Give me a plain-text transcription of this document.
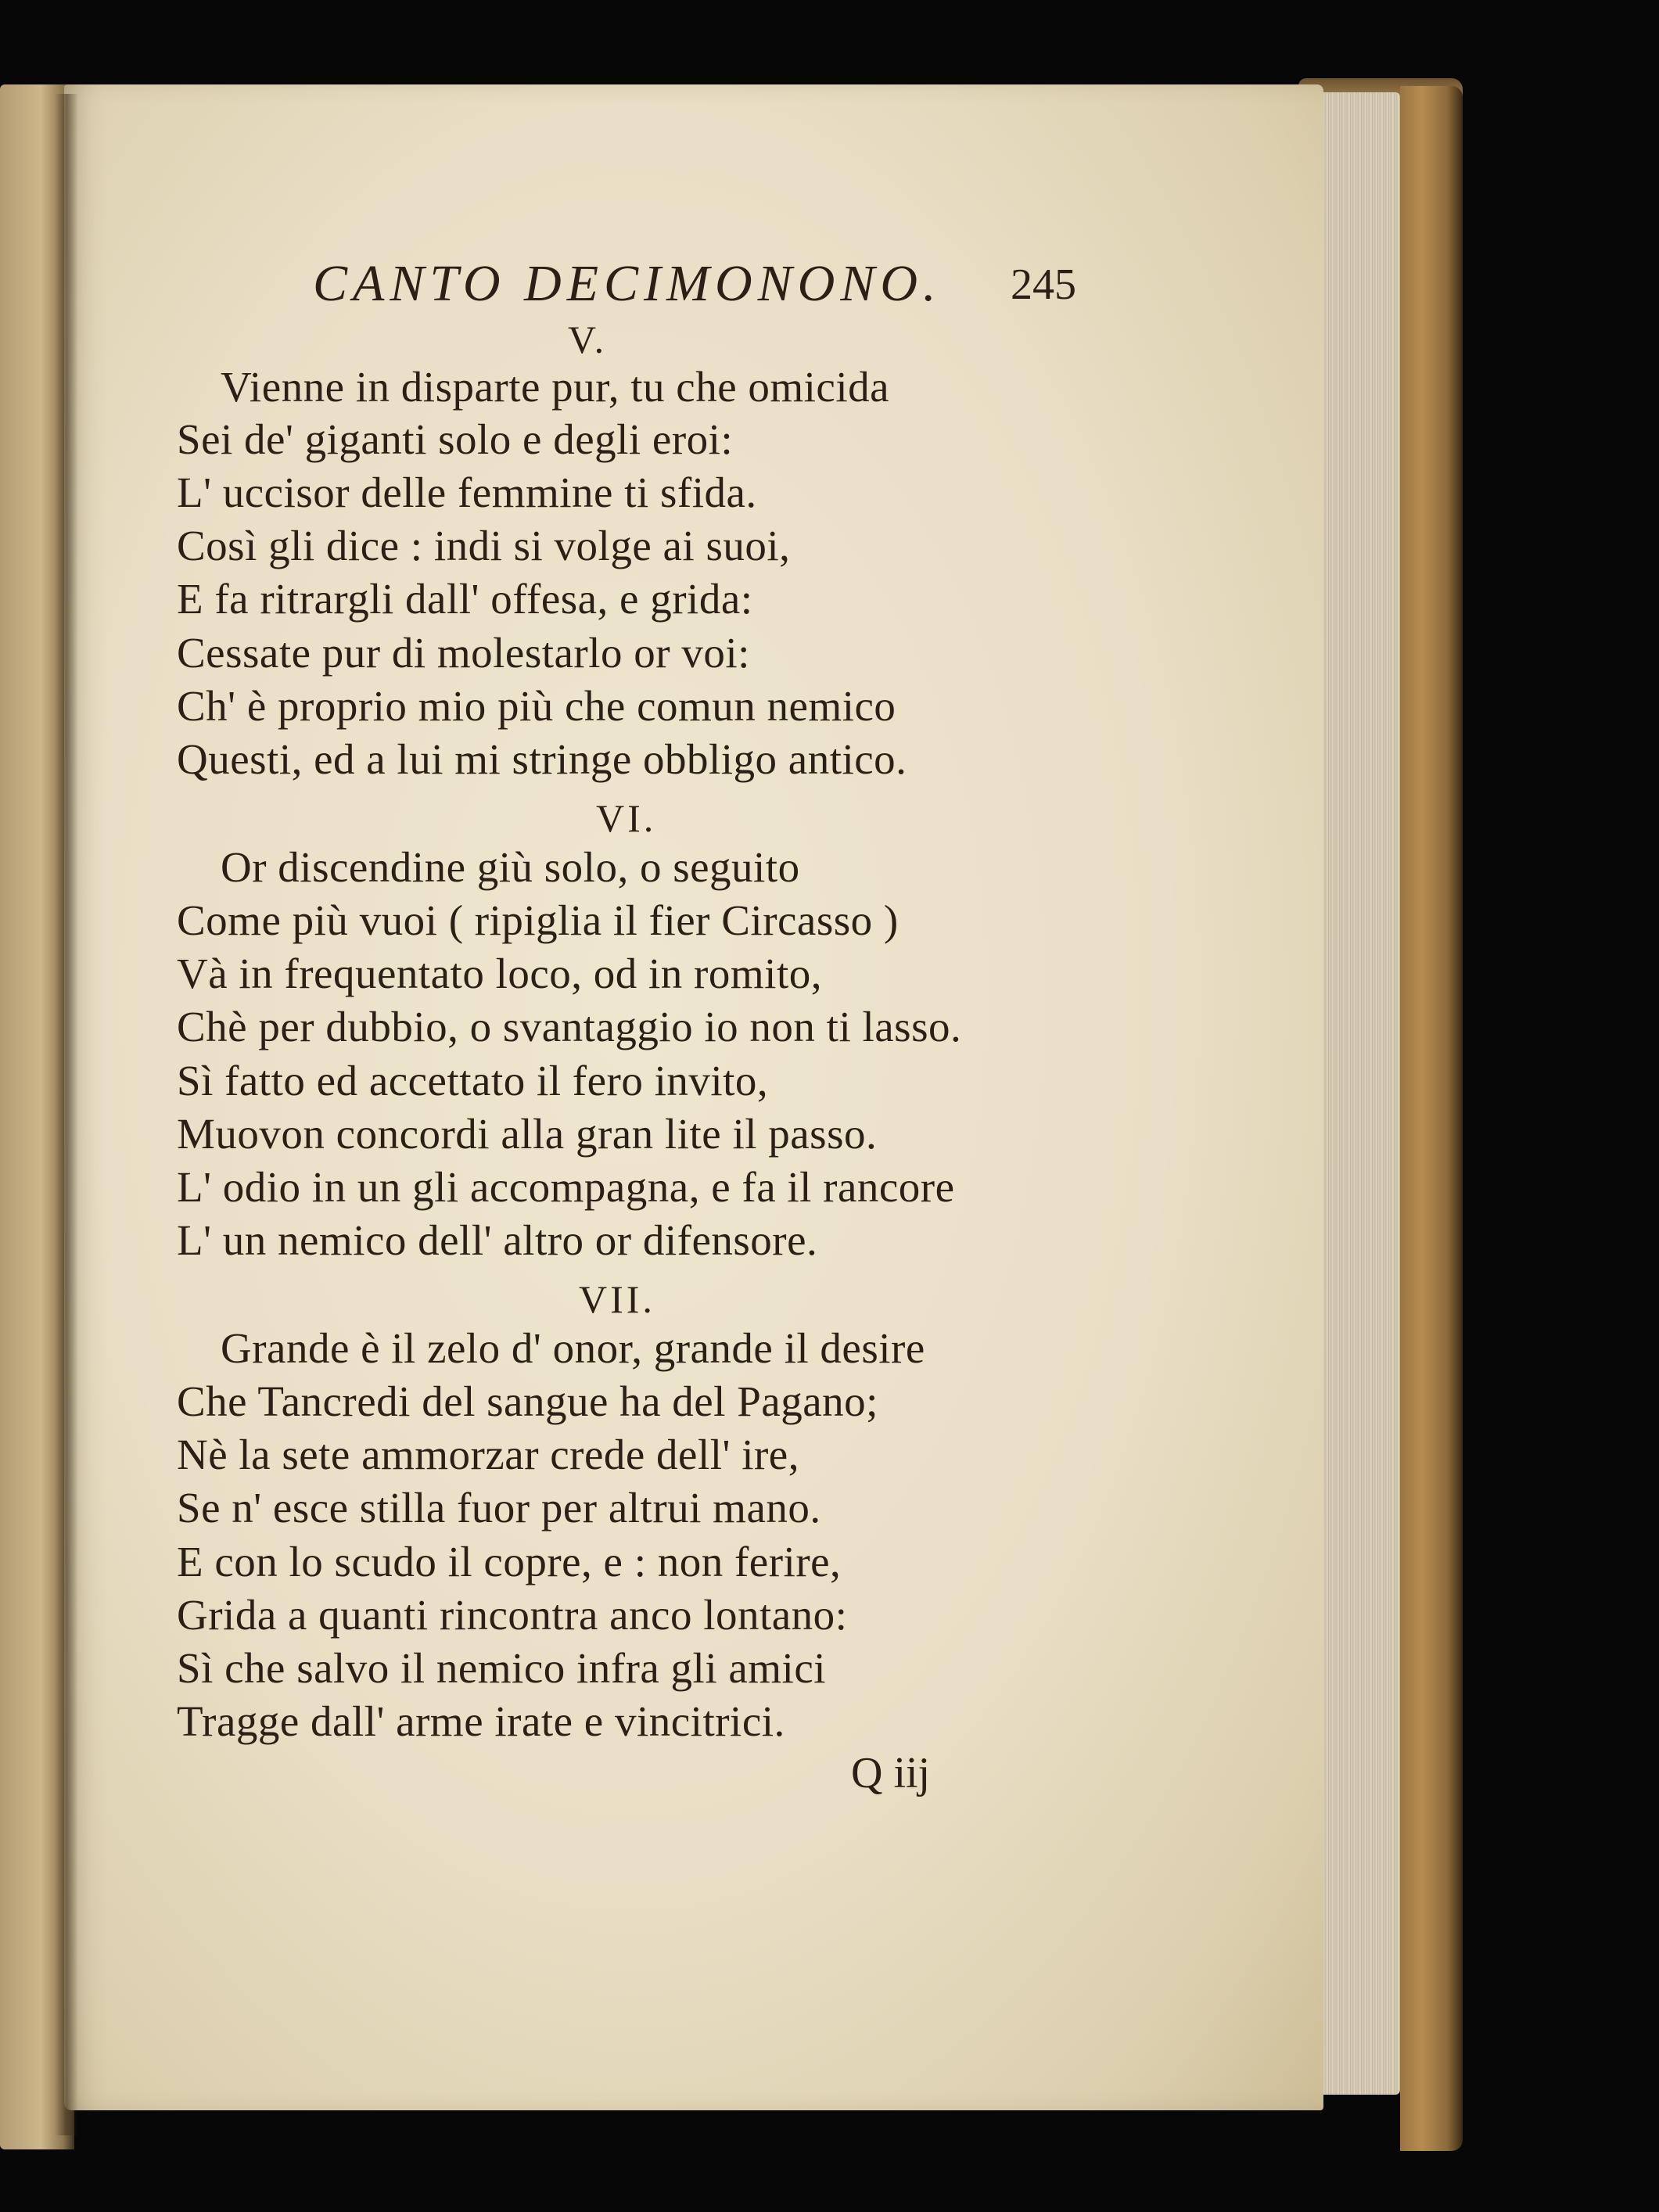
CANTO DECIMONONO. 245
V.
Vienne in disparte pur, tu che omicida
Sei de' giganti solo e degli eroi:
L' uccisor delle femmine ti sfida.
Così gli dice : indi si volge ai suoi,
E fa ritrargli dall' offesa, e grida:
Cessate pur di molestarlo or voi:
Ch' è proprio mio più che comun nemico
Questi, ed a lui mi stringe obbligo antico.
VI.
Or discendine giù solo, o seguito
Come più vuoi ( ripiglia il fier Circasso )
Và in frequentato loco, od in romito,
Chè per dubbio, o svantaggio io non ti lasso.
Sì fatto ed accettato il fero invito,
Muovon concordi alla gran lite il passo.
L' odio in un gli accompagna, e fa il rancore
L' un nemico dell' altro or difensore.
VII.
Grande è il zelo d' onor, grande il desire
Che Tancredi del sangue ha del Pagano;
Nè la sete ammorzar crede dell' ire,
Se n' esce stilla fuor per altrui mano.
E con lo scudo il copre, e : non ferire,
Grida a quanti rincontra anco lontano:
Sì che salvo il nemico infra gli amici
Tragge dall' arme irate e vincitrici.
Q iij
